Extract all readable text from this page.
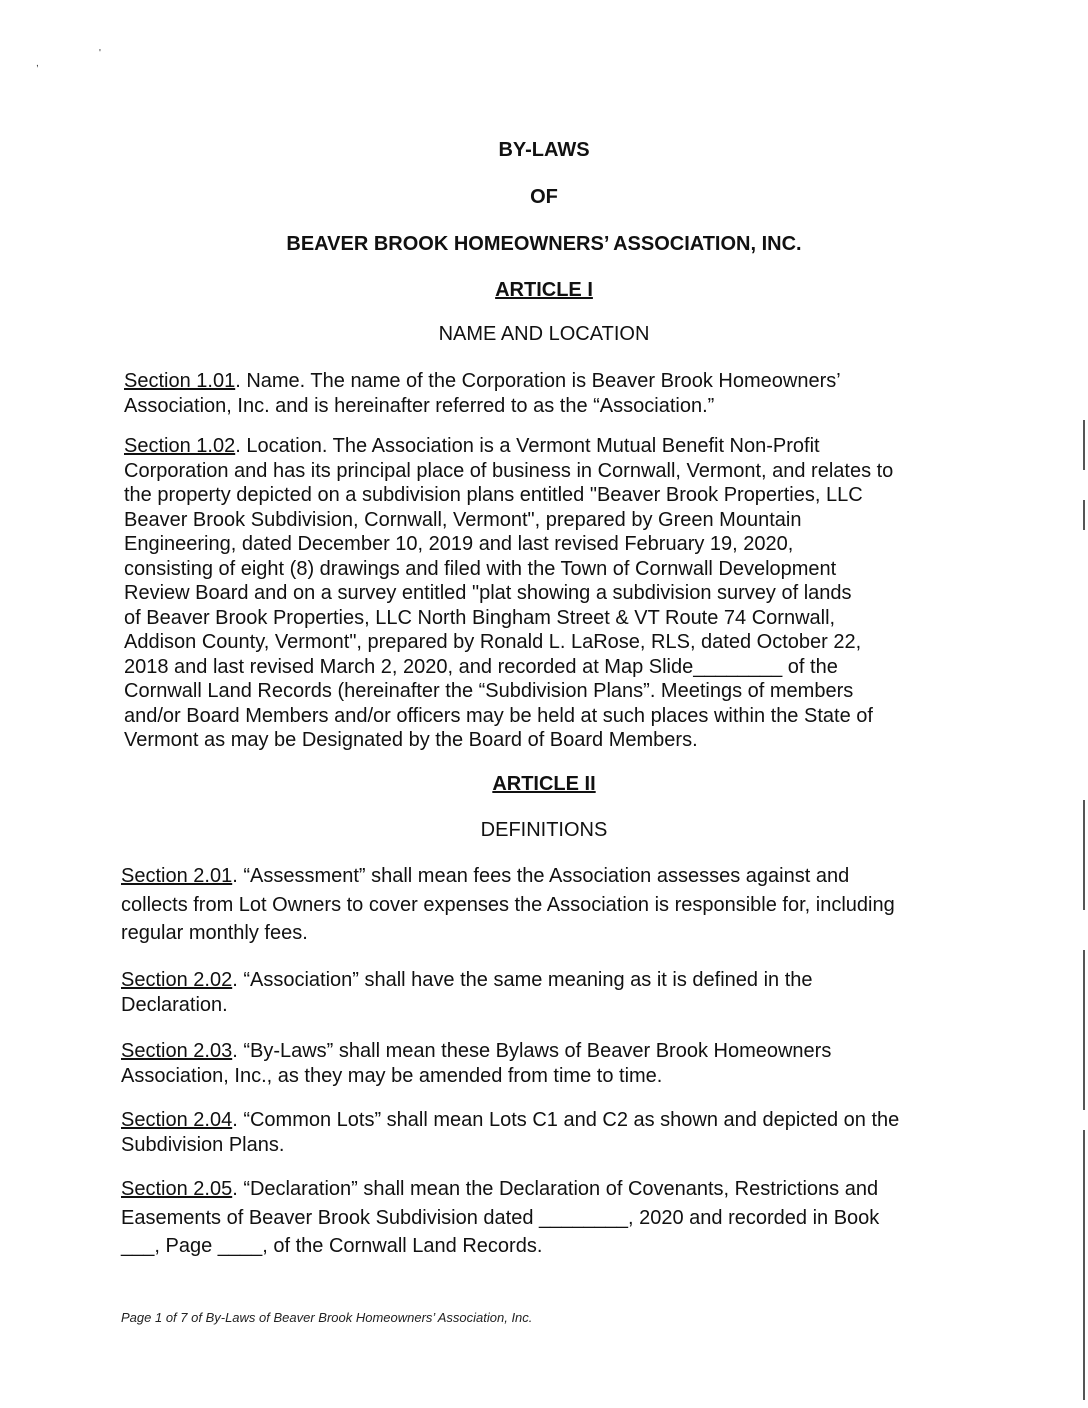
,
'
BY-LAWS
OF
BEAVER BROOK HOMEOWNERS’ ASSOCIATION, INC.
ARTICLE I
NAME AND LOCATION

Section 1.01. Name. The name of the Corporation is Beaver Brook Homeowners’
Association, Inc. and is hereinafter referred to as the “Association.”

Section 1.02. Location. The Association is a Vermont Mutual Benefit Non-Profit
Corporation and has its principal place of business in Cornwall, Vermont, and relates to
the property depicted on a subdivision plans entitled "Beaver Brook Properties, LLC
Beaver Brook Subdivision, Cornwall, Vermont", prepared by Green Mountain
Engineering, dated December 10, 2019 and last revised February 19, 2020,
consisting of eight (8) drawings and filed with the Town of Cornwall Development
Review Board and on a survey entitled "plat showing a subdivision survey of lands
of Beaver Brook Properties, LLC North Bingham Street & VT Route 74 Cornwall,
Addison County, Vermont", prepared by Ronald L. LaRose, RLS, dated October 22,
2018 and last revised March 2, 2020, and recorded at Map Slide________ of the
Cornwall Land Records (hereinafter the “Subdivision Plans”. Meetings of members
and/or Board Members and/or officers may be held at such places within the State of
Vermont as may be Designated by the Board of Board Members.

ARTICLE II
DEFINITIONS

Section 2.01. “Assessment” shall mean fees the Association assesses against and
collects from Lot Owners to cover expenses the Association is responsible for, including
regular monthly fees.

Section 2.02. “Association” shall have the same meaning as it is defined in the
Declaration.

Section 2.03. “By-Laws” shall mean these Bylaws of Beaver Brook Homeowners
Association, Inc., as they may be amended from time to time.

Section 2.04. “Common Lots” shall mean Lots C1 and C2 as shown and depicted on the
Subdivision Plans.

Section 2.05. “Declaration” shall mean the Declaration of Covenants, Restrictions and
Easements of Beaver Brook Subdivision dated ________, 2020 and recorded in Book
___, Page ____, of the Cornwall Land Records.

Page 1 of 7 of By-Laws of Beaver Brook Homeowners’ Association, Inc.
